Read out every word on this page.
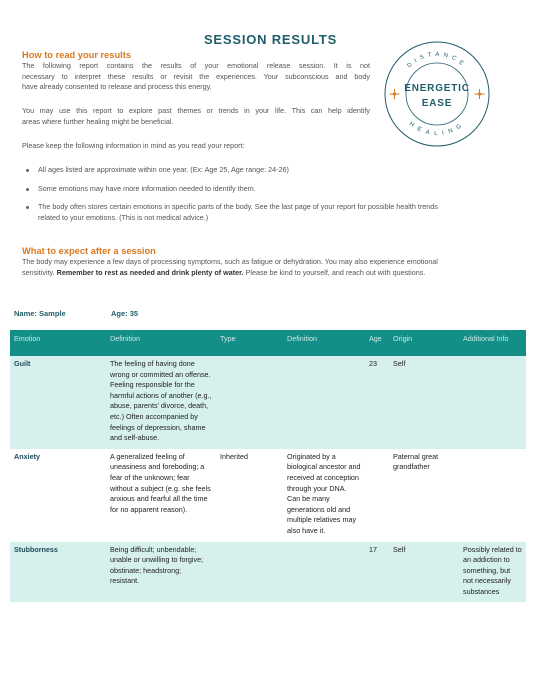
SESSION RESULTS
DISTANCE
HEALING
ENERGETIC
EASE
How to read your results
The following report contains the results of your emotional release session. It is not
necessary to interpret these results or revisit the experiences. Your subconscious and body
have already consented to release and process this energy.
You may use this report to explore past themes or trends in your life. This can help identify
areas where further healing might be beneficial.
Please keep the following information in mind as you read your report:
All ages listed are approximate within one year. (Ex: Age 25, Age range: 24-26)
Some emotions may have more information needed to identify them.
The body often stores certain emotions in specific parts of the body. See the last page of your report for possible health trends
related to your emotions. (This is not medical advice.)
What to expect after a session
The body may experience a few days of processing symptoms, such as fatigue or dehydration. You may also experience emotional
sensitivity. Remember to rest as needed and drink plenty of water. Please be kind to yourself, and reach out with questions.
Name: Sample	Age: 35
Emotion	Definition	Type	Definition	Age	Origin	Additional Info
Guilt	The feeling of having done wrong or committed an offense. Feeling responsible for the harmful actions of another (e.g., abuse, parents' divorce, death, etc.) Often accompanied by feelings of depression, shame and self-abuse.			23	Self	
Anxiety	A generalized feeling of uneasiness and foreboding; a fear of the unknown; fear without a subject (e.g. she feels anxious and fearful all the time for no apparent reason).	Inherited	Originated by a biological ancestor and received at conception through your DNA. Can be many generations old and multiple relatives may also have it.		Paternal great grandfather	
Stubborness	Being difficult; unbendable; unable or unwilling to forgive; obstinate; headstrong; resistant.			17	Self	Possibly related to an addiction to something, but not necessarily substances
